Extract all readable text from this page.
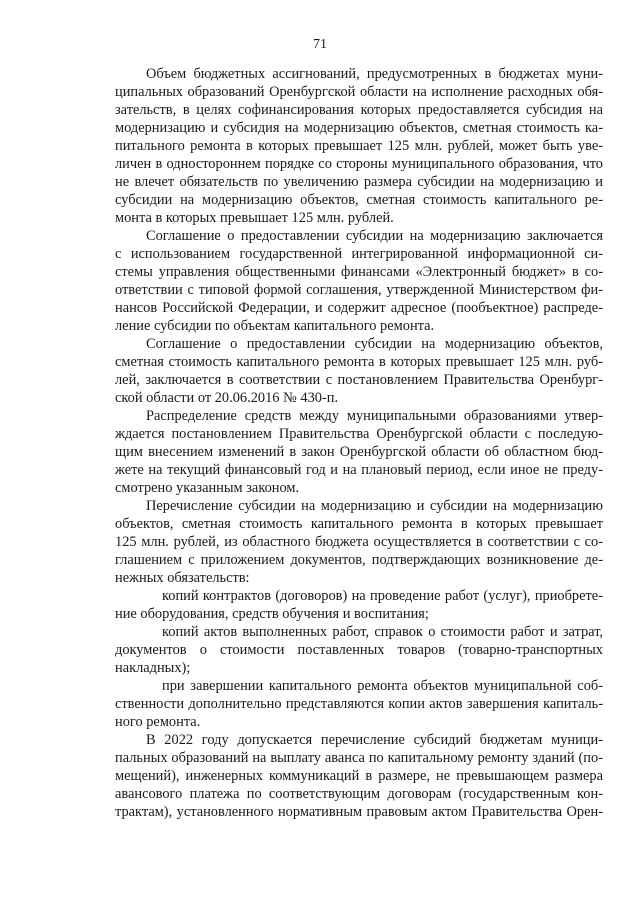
71
Объем бюджетных ассигнований, предусмотренных в бюджетах муни-
ципальных образований Оренбургской области на исполнение расходных обя-
зательств, в целях софинансирования которых предоставляется субсидия на
модернизацию и субсидия на модернизацию объектов, сметная стоимость ка-
питального ремонта в которых превышает 125 млн. рублей, может быть уве-
личен в одностороннем порядке со стороны муниципального образования, что
не влечет обязательств по увеличению размера субсидии на модернизацию и
субсидии на модернизацию объектов, сметная стоимость капитального ре-
монта в которых превышает 125 млн. рублей.
Соглашение о предоставлении субсидии на модернизацию заключается
с использованием государственной интегрированной информационной си-
стемы управления общественными финансами «Электронный бюджет» в со-
ответствии с типовой формой соглашения, утвержденной Министерством фи-
нансов Российской Федерации, и содержит адресное (пообъектное) распреде-
ление субсидии по объектам капитального ремонта.
Соглашение о предоставлении субсидии на модернизацию объектов,
сметная стоимость капитального ремонта в которых превышает 125 млн. руб-
лей, заключается в соответствии с постановлением Правительства Оренбург-
ской области от 20.06.2016 № 430-п.
Распределение средств между муниципальными образованиями утвер-
ждается постановлением Правительства Оренбургской области с последую-
щим внесением изменений в закон Оренбургской области об областном бюд-
жете на текущий финансовый год и на плановый период, если иное не преду-
смотрено указанным законом.
Перечисление субсидии на модернизацию и субсидии на модернизацию
объектов, сметная стоимость капитального ремонта в которых превышает
125 млн. рублей, из областного бюджета осуществляется в соответствии с со-
глашением с приложением документов, подтверждающих возникновение де-
нежных обязательств:
копий контрактов (договоров) на проведение работ (услуг), приобрете-
ние оборудования, средств обучения и воспитания;
копий актов выполненных работ, справок о стоимости работ и затрат,
документов о стоимости поставленных товаров (товарно-транспортных
накладных);
при завершении капитального ремонта объектов муниципальной соб-
ственности дополнительно представляются копии актов завершения капиталь-
ного ремонта.
В 2022 году допускается перечисление субсидий бюджетам муници-
пальных образований на выплату аванса по капитальному ремонту зданий (по-
мещений), инженерных коммуникаций в размере, не превышающем размера
авансового платежа по соответствующим договорам (государственным кон-
трактам), установленного нормативным правовым актом Правительства Орен-
